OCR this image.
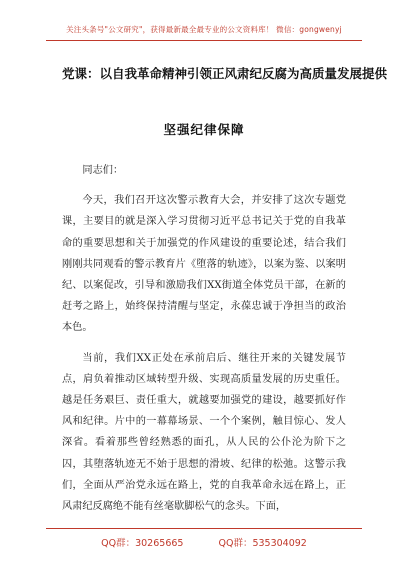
关注头条号"公文研究"，获得最新最全最专业的公文资料库！ 微信：gongwenyj
党课：以自我革命精神引领正风肃纪反腐为高质量发展提供
坚强纪律保障

同志们：

今天，我们召开这次警示教育大会，并安排了这次专题党课，主要目的就是深入学习贯彻习近平总书记关于党的自我革命的重要思想和关于加强党的作风建设的重要论述，结合我们刚刚共同观看的警示教育片《堕落的轨迹》，以案为鉴、以案明纪、以案促改，引导和激励我们XX街道全体党员干部，在新的赶考之路上，始终保持清醒与坚定，永葆忠诚于净担当的政治本色。

当前，我们XX正处在承前启后、继往开来的关键发展节点，肩负着推动区域转型升级、实现高质量发展的历史重任。越是任务艰巨、责任重大，就越要加强党的建设，越要抓好作风和纪律。片中的一幕幕场景、一个个案例，触目惊心、发人深省。看着那些曾经熟悉的面孔，从人民的公仆沦为阶下之囚，其堕落轨迹无不始于思想的滑坡、纪律的松弛。这警示我们，全面从严治党永远在路上，党的自我革命永远在路上，正风肃纪反腐绝不能有丝毫歇脚松气的念头。下面，

QQ群：30265665	QQ群：535304092
